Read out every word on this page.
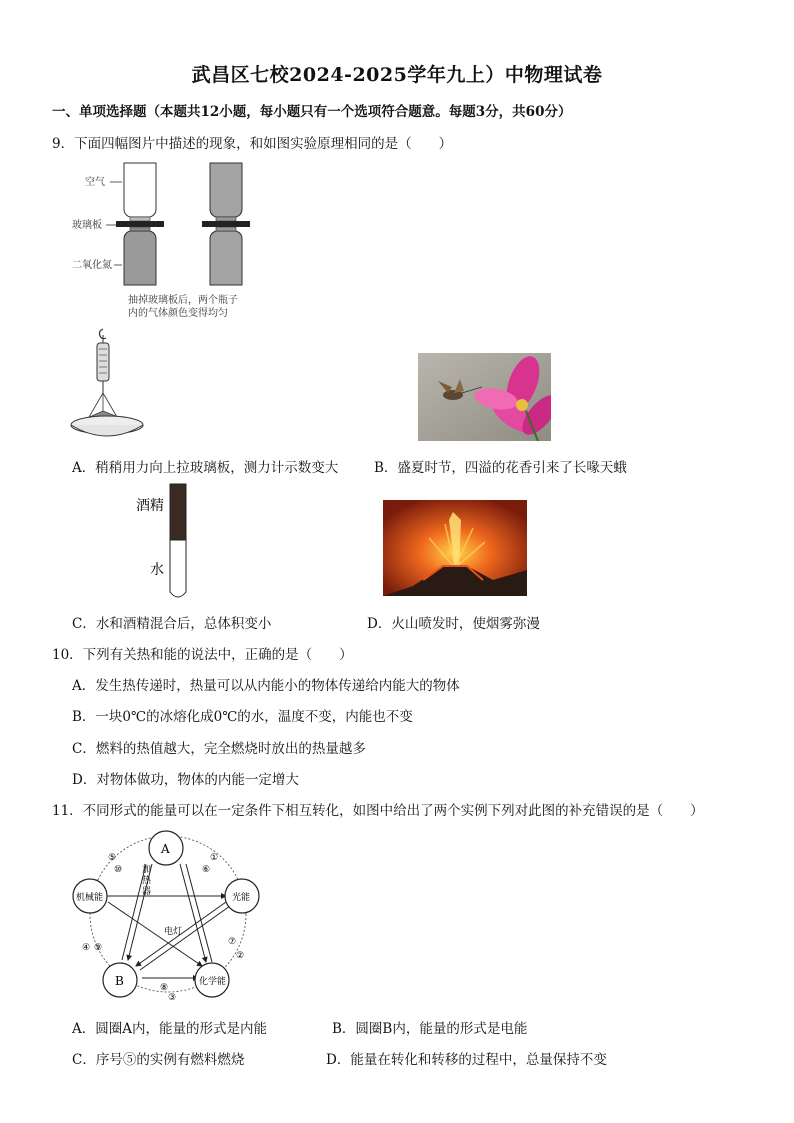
武昌区七校2024-2025学年九上）中物理试卷
一、单项选择题（本题共12小题，每小题只有一个选项符合题意。每题3分，共60分）
9．下面四幅图片中描述的现象，和如图实验原理相同的是（　　）
空气
玻璃板
二氧化氮
抽掉玻璃板后，两个瓶子
内的气体颜色变得均匀
A．稍稍用力向上拉玻璃板，测力计示数变大	B．盛夏时节，四溢的花香引来了长喙天蛾
酒精
水
C．水和酒精混合后，总体积变小	D．火山喷发时，使烟雾弥漫
10．下列有关热和能的说法中，正确的是（　　）
A．发生热传递时，热量可以从内能小的物体传递给内能大的物体
B．一块0℃的冰熔化成0℃的水，温度不变，内能也不变
C．燃料的热值越大，完全燃烧时放出的热量越多
D．对物体做功，物体的内能一定增大
11．不同形式的能量可以在一定条件下相互转化，如图中给出了两个实例下列对此图的补充错误的是（　　）
A
机械能	光能
B	化学能
加
热
器
电灯
⑤
⑩
①
⑥
④ ⑨
⑦
②
⑧
③
A．圆圈A内，能量的形式是内能	B．圆圈B内，能量的形式是电能
C．序号⑤的实例有燃料燃烧	D．能量在转化和转移的过程中，总量保持不变
